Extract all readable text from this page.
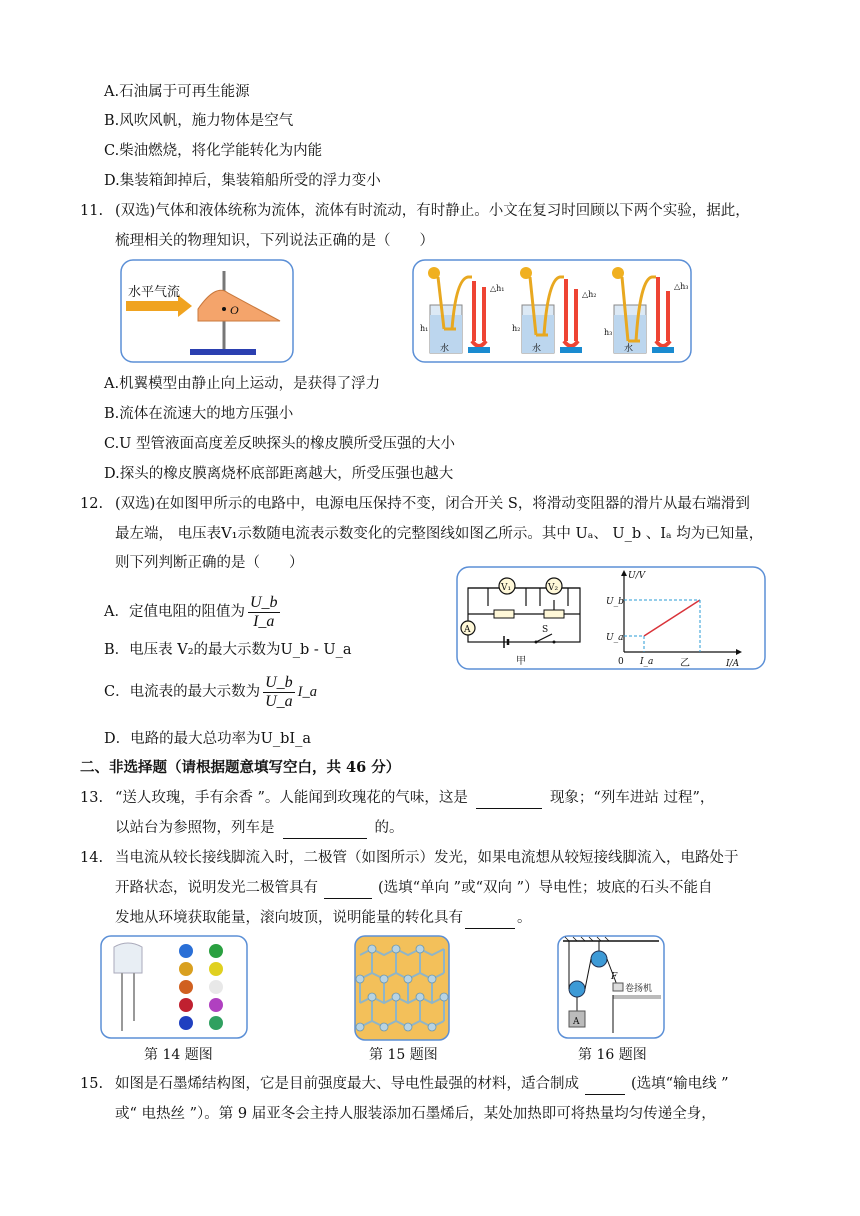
A.石油属于可再生能源
B.风吹风帆，施力物体是空气
C.柴油燃烧，将化学能转化为内能
D.集装箱卸掉后，集装箱船所受的浮力变小
11. (双选)气体和液体统称为流体，流体有时流动，有时静止。小文在复习时回顾以下两个实验，据此，
梳理相关的物理知识，下列说法正确的是（　　）
水平气流
O
h₁
△h₁
水
h₂
△h₂
水
h₃
△h₃
水
A.机翼模型由静止向上运动，是获得了浮力
B.流体在流速大的地方压强小
C.U 型管液面高度差反映探头的橡皮膜所受压强的大小
D.探头的橡皮膜离烧杯底部距离越大，所受压强也越大
12. (双选)在如图甲所示的电路中，电源电压保持不变，闭合开关 S，将滑动变阻器的滑片从最右端滑到
最左端， 电压表V₁示数随电流表示数变化的完整图线如图乙所示。其中 Uₐ、 U_b 、Iₐ 均为已知量，
则下列判断正确的是（　　）
A．定值电阻的阻值为 $\frac{U\_b}{I\_a}$
B．电压表 V₂的最大示数为U_b - U_a
C．电流表的最大示数为 $\frac{U\_b}{U\_a}$ I_a
D．电路的最大总功率为U_bI_a
V₁	V₂
A	S
甲
U/V
I/A
U_b
U_a
I_a
0	乙
二、非选择题（请根据题意填写空白，共 46 分）
13. “送人玫瑰，手有余香 ”。人能闻到玫瑰花的气味，这是	现象；“列车进站 过程”，
以站台为参照物，列车是	的。
14. 当电流从较长接线脚流入时，二极管（如图所示）发光，如果电流想从较短接线脚流入，电路处于
开路状态，说明发光二极管具有	(选填“单向 ”或“双向 ”）导电性；坡底的石头不能自
发地从环境获取能量，滚向坡顶，说明能量的转化具有	。
A
F
卷扬机
第 14 题图	第 15 题图	第 16 题图
15. 如图是石墨烯结构图，它是目前强度最大、导电性最强的材料，适合制成	(选填“输电线 ”
或“ 电热丝 ”）。第 9 届亚冬会主持人服装添加石墨烯后，某处加热即可将热量均匀传递全身，
